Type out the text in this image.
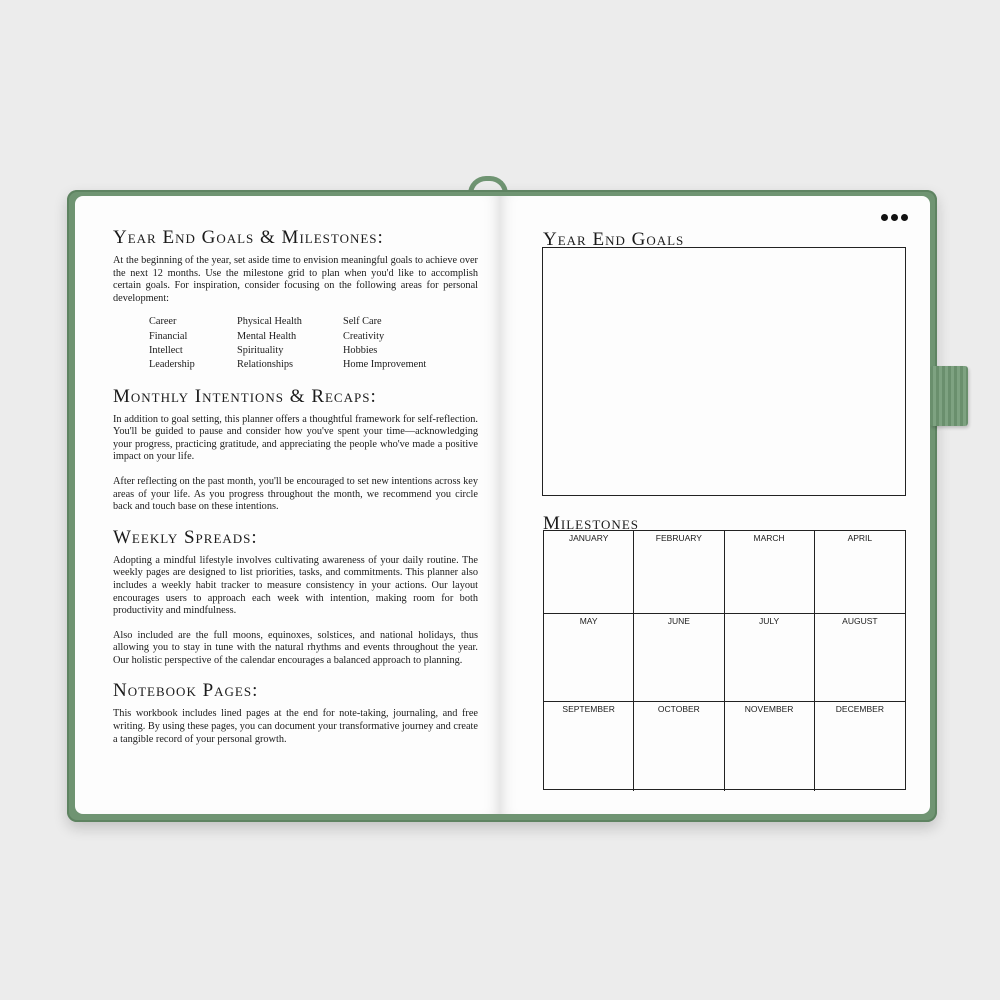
Year End Goals & Milestones:

At the beginning of the year, set aside time to envision meaningful goals to achieve over the next 12 months. Use the milestone grid to plan when you'd like to accomplish certain goals. For inspiration, consider focusing on the following areas for personal development:

Career	Physical Health	Self Care
Financial	Mental Health	Creativity
Intellect	Spirituality	Hobbies
Leadership	Relationships	Home Improvement
Monthly Intentions & Recaps:

In addition to goal setting, this planner offers a thoughtful framework for self-reflection. You'll be guided to pause and consider how you've spent your time—acknowledging your progress, practicing gratitude, and appreciating the people who've made a positive impact on your life.

After reflecting on the past month, you'll be encouraged to set new intentions across key areas of your life. As you progress throughout the month, we recommend you circle back and touch base on these intentions.

Weekly Spreads:

Adopting a mindful lifestyle involves cultivating awareness of your daily routine. The weekly pages are designed to list priorities, tasks, and commitments. This planner also includes a weekly habit tracker to measure consistency in your actions. Our layout encourages users to approach each week with intention, making room for both productivity and mindfulness.

Also included are the full moons, equinoxes, solstices, and national holidays, thus allowing you to stay in tune with the natural rhythms and events throughout the year. Our holistic perspective of the calendar encourages a balanced approach to planning.

Notebook Pages:

This workbook includes lined pages at the end for note-taking, journaling, and free writing. By using these pages, you can document your transformative journey and create a tangible record of your personal growth.

Year End Goals
Milestones
JANUARY	FEBRUARY	MARCH	APRIL
MAY	JUNE	JULY	AUGUST
SEPTEMBER	OCTOBER	NOVEMBER	DECEMBER
